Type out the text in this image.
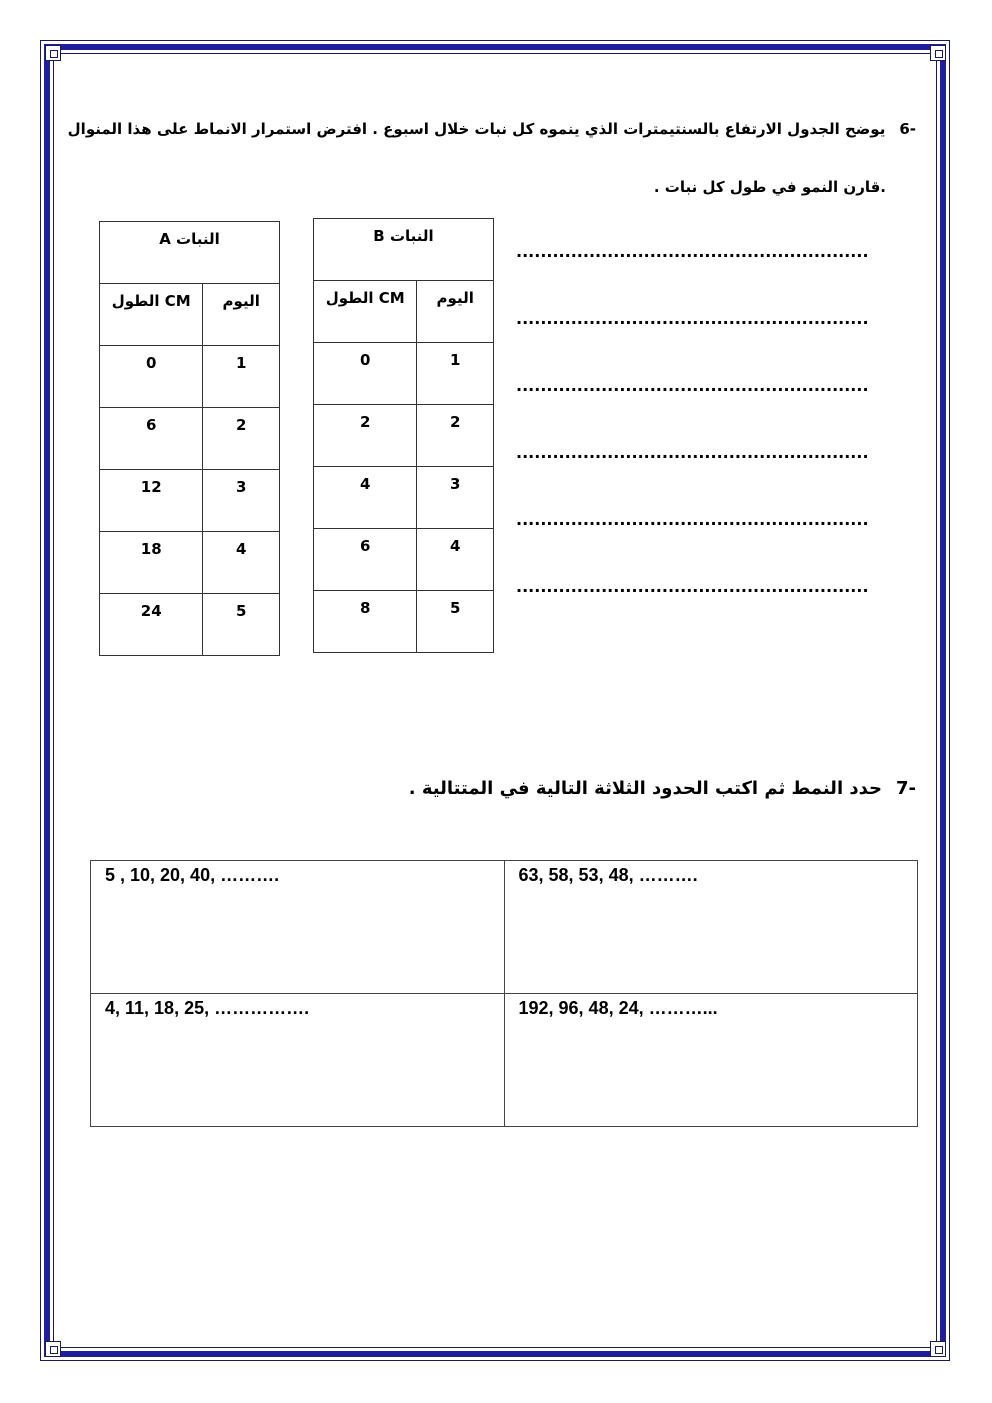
-6يوضح الجدول الارتفاع بالسنتيمترات الذي ينموه كل نبات خلال اسبوع . افترض استمرار الانماط على هذا المنوال
.قارن النمو في طول كل نبات .
النبات A	
الطول CM	اليوم
0	1
6	2
12	3
18	4
24	5
النبات B	
الطول CM	اليوم
0	1
2	2
4	3
6	4
8	5
..........................................................
..........................................................
..........................................................
..........................................................
..........................................................
..........................................................
-7حدد النمط ثم اكتب الحدود الثلاثة التالية في المتتالية .
5 , 10, 20, 40, ……….	63, 58, 53, 48, ……….
4, 11, 18, 25, …………….	192, 96, 48, 24, ………...
